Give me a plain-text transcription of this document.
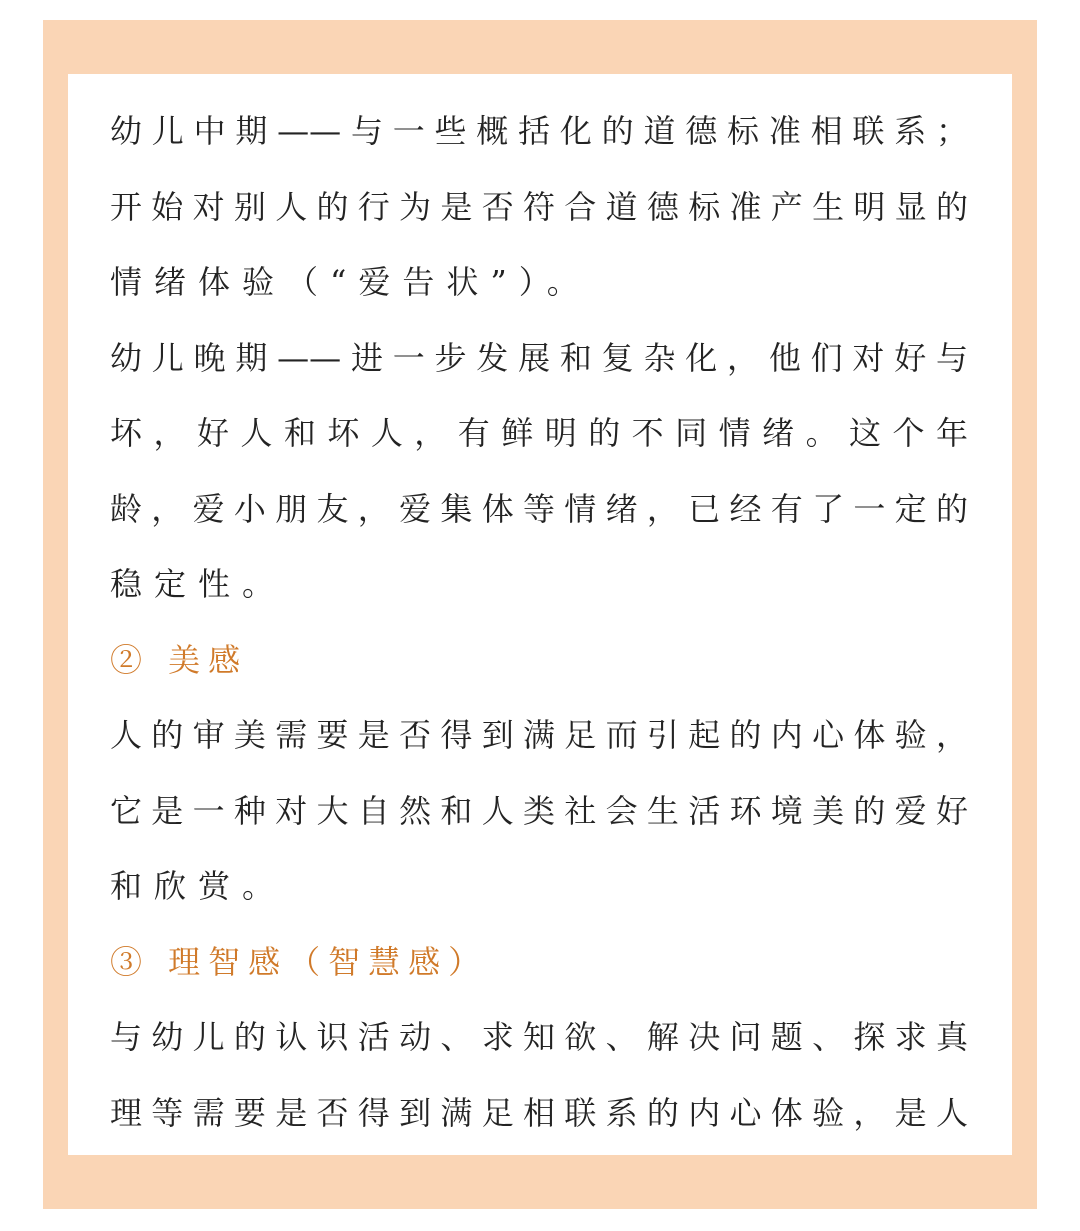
幼儿中期——与一些概括化的道德标准相联系；
开始对别人的行为是否符合道德标准产生明显的
情绪体验（“爱告状”）。
幼儿晚期——进一步发展和复杂化，他们对好与
坏，好人和坏人，有鲜明的不同情绪。这个年
龄，爱小朋友，爱集体等情绪，已经有了一定的
稳定性。
② 美感
人的审美需要是否得到满足而引起的内心体验，
它是一种对大自然和人类社会生活环境美的爱好
和欣赏。
③ 理智感（智慧感）
与幼儿的认识活动、求知欲、解决问题、探求真
理等需要是否得到满足相联系的内心体验，是人
